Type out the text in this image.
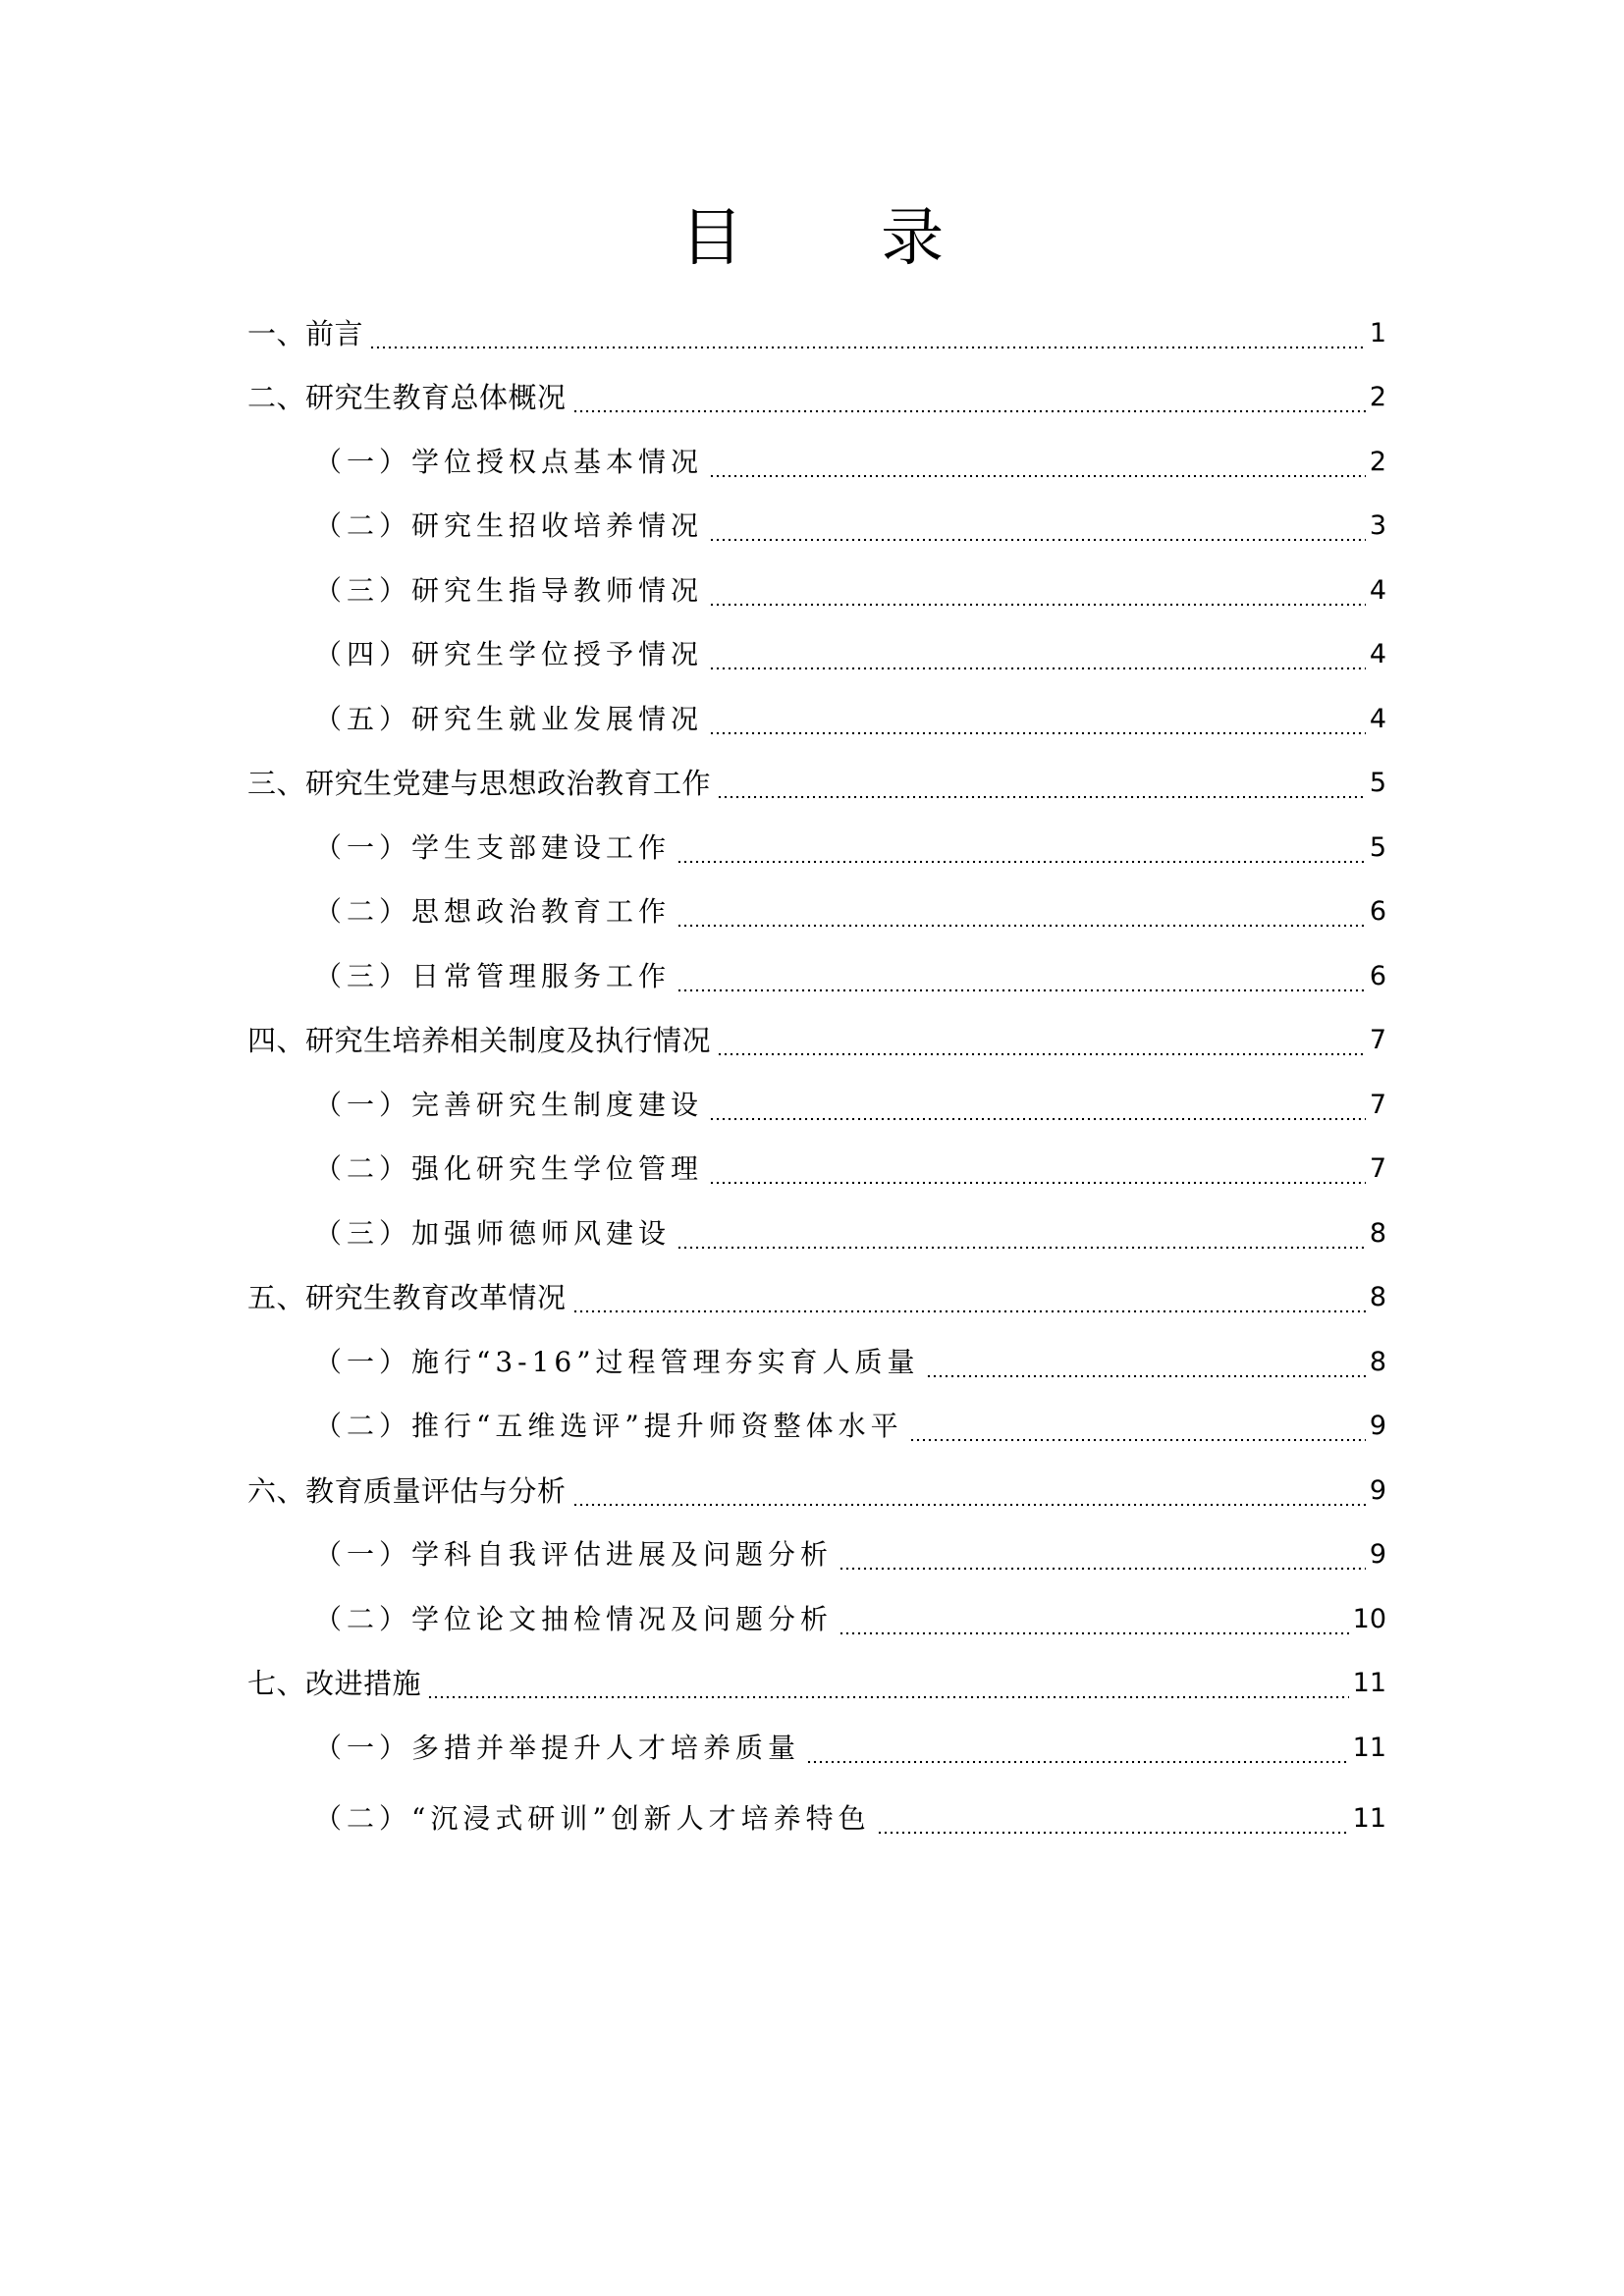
目 录
一、前言	1
二、研究生教育总体概况	2
（一）学位授权点基本情况	2
（二）研究生招收培养情况	3
（三）研究生指导教师情况	4
（四）研究生学位授予情况	4
（五）研究生就业发展情况	4
三、研究生党建与思想政治教育工作	5
（一）学生支部建设工作	5
（二）思想政治教育工作	6
（三）日常管理服务工作	6
四、研究生培养相关制度及执行情况	7
（一）完善研究生制度建设	7
（二）强化研究生学位管理	7
（三）加强师德师风建设	8
五、研究生教育改革情况	8
（一）施行“3-16”过程管理夯实育人质量	8
（二）推行“五维选评”提升师资整体水平	9
六、教育质量评估与分析	9
（一）学科自我评估进展及问题分析	9
（二）学位论文抽检情况及问题分析	10
七、改进措施	11
（一）多措并举提升人才培养质量	11
（二）“沉浸式研训”创新人才培养特色	11
